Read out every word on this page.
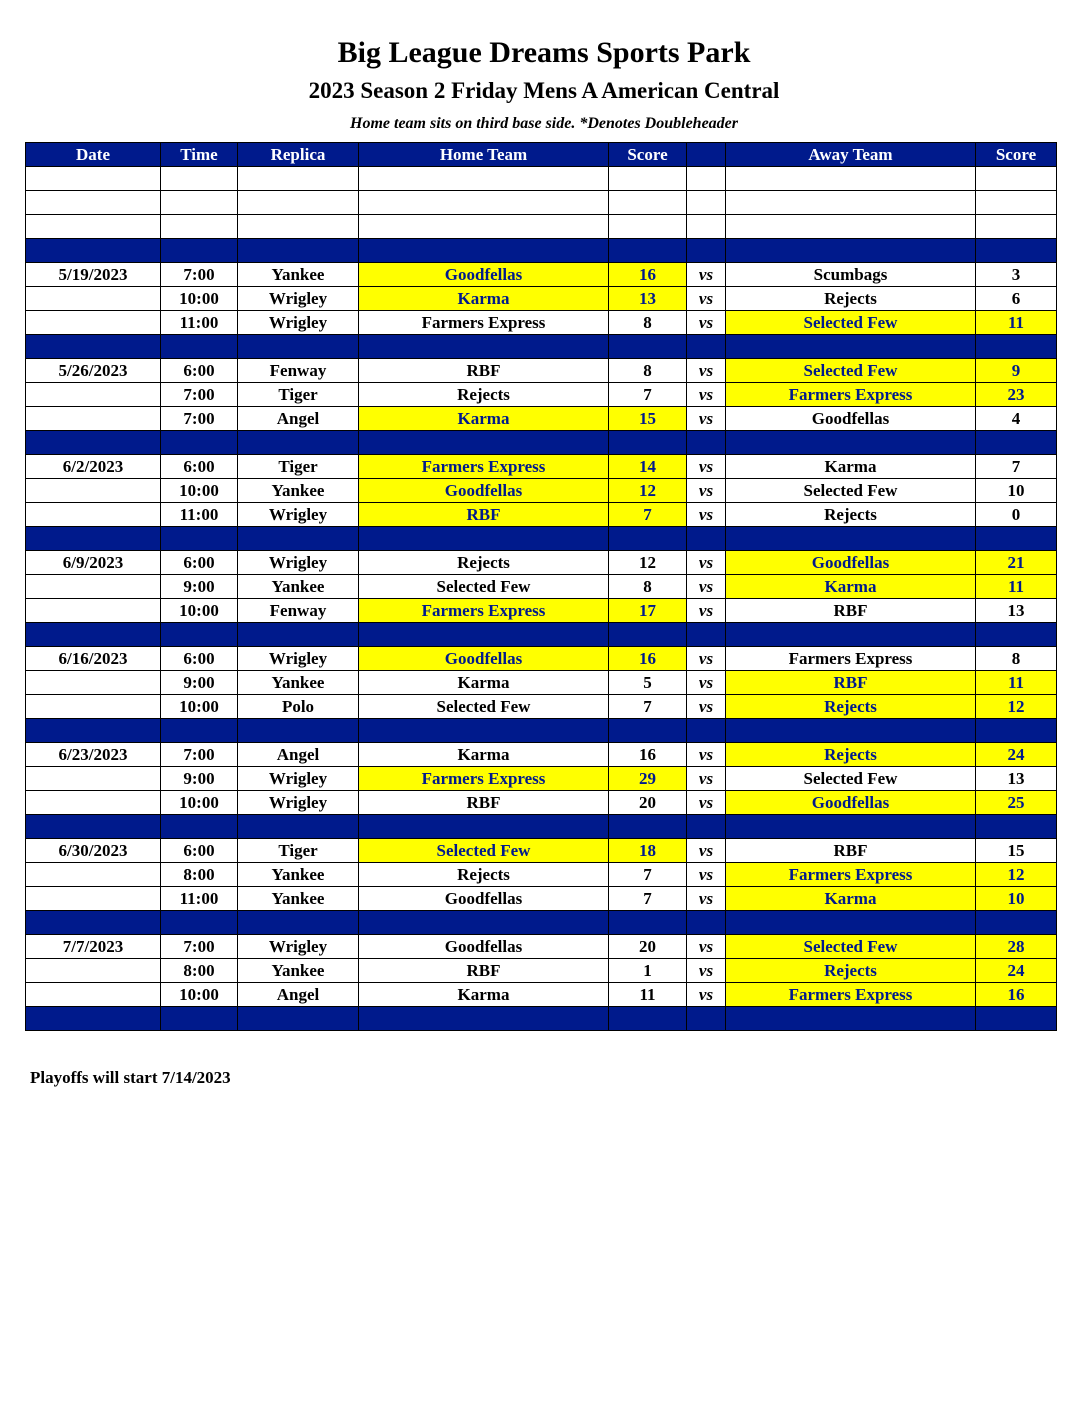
Big League Dreams Sports Park
2023 Season 2 Friday Mens A American Central
Home team sits on third base side. *Denotes Doubleheader
Date	Time	Replica	Home Team	Score		Away Team	Score

5/19/2023	7:00	Yankee	Goodfellas	16	vs	Scumbags	3
	10:00	Wrigley	Karma	13	vs	Rejects	6
	11:00	Wrigley	Farmers Express	8	vs	Selected Few	11

5/26/2023	6:00	Fenway	RBF	8	vs	Selected Few	9
	7:00	Tiger	Rejects	7	vs	Farmers Express	23
	7:00	Angel	Karma	15	vs	Goodfellas	4

6/2/2023	6:00	Tiger	Farmers Express	14	vs	Karma	7
	10:00	Yankee	Goodfellas	12	vs	Selected Few	10
	11:00	Wrigley	RBF	7	vs	Rejects	0

6/9/2023	6:00	Wrigley	Rejects	12	vs	Goodfellas	21
	9:00	Yankee	Selected Few	8	vs	Karma	11
	10:00	Fenway	Farmers Express	17	vs	RBF	13

6/16/2023	6:00	Wrigley	Goodfellas	16	vs	Farmers Express	8
	9:00	Yankee	Karma	5	vs	RBF	11
	10:00	Polo	Selected Few	7	vs	Rejects	12

6/23/2023	7:00	Angel	Karma	16	vs	Rejects	24
	9:00	Wrigley	Farmers Express	29	vs	Selected Few	13
	10:00	Wrigley	RBF	20	vs	Goodfellas	25

6/30/2023	6:00	Tiger	Selected Few	18	vs	RBF	15
	8:00	Yankee	Rejects	7	vs	Farmers Express	12
	11:00	Yankee	Goodfellas	7	vs	Karma	10

7/7/2023	7:00	Wrigley	Goodfellas	20	vs	Selected Few	28
	8:00	Yankee	RBF	1	vs	Rejects	24
	10:00	Angel	Karma	11	vs	Farmers Express	16

Playoffs will start 7/14/2023
